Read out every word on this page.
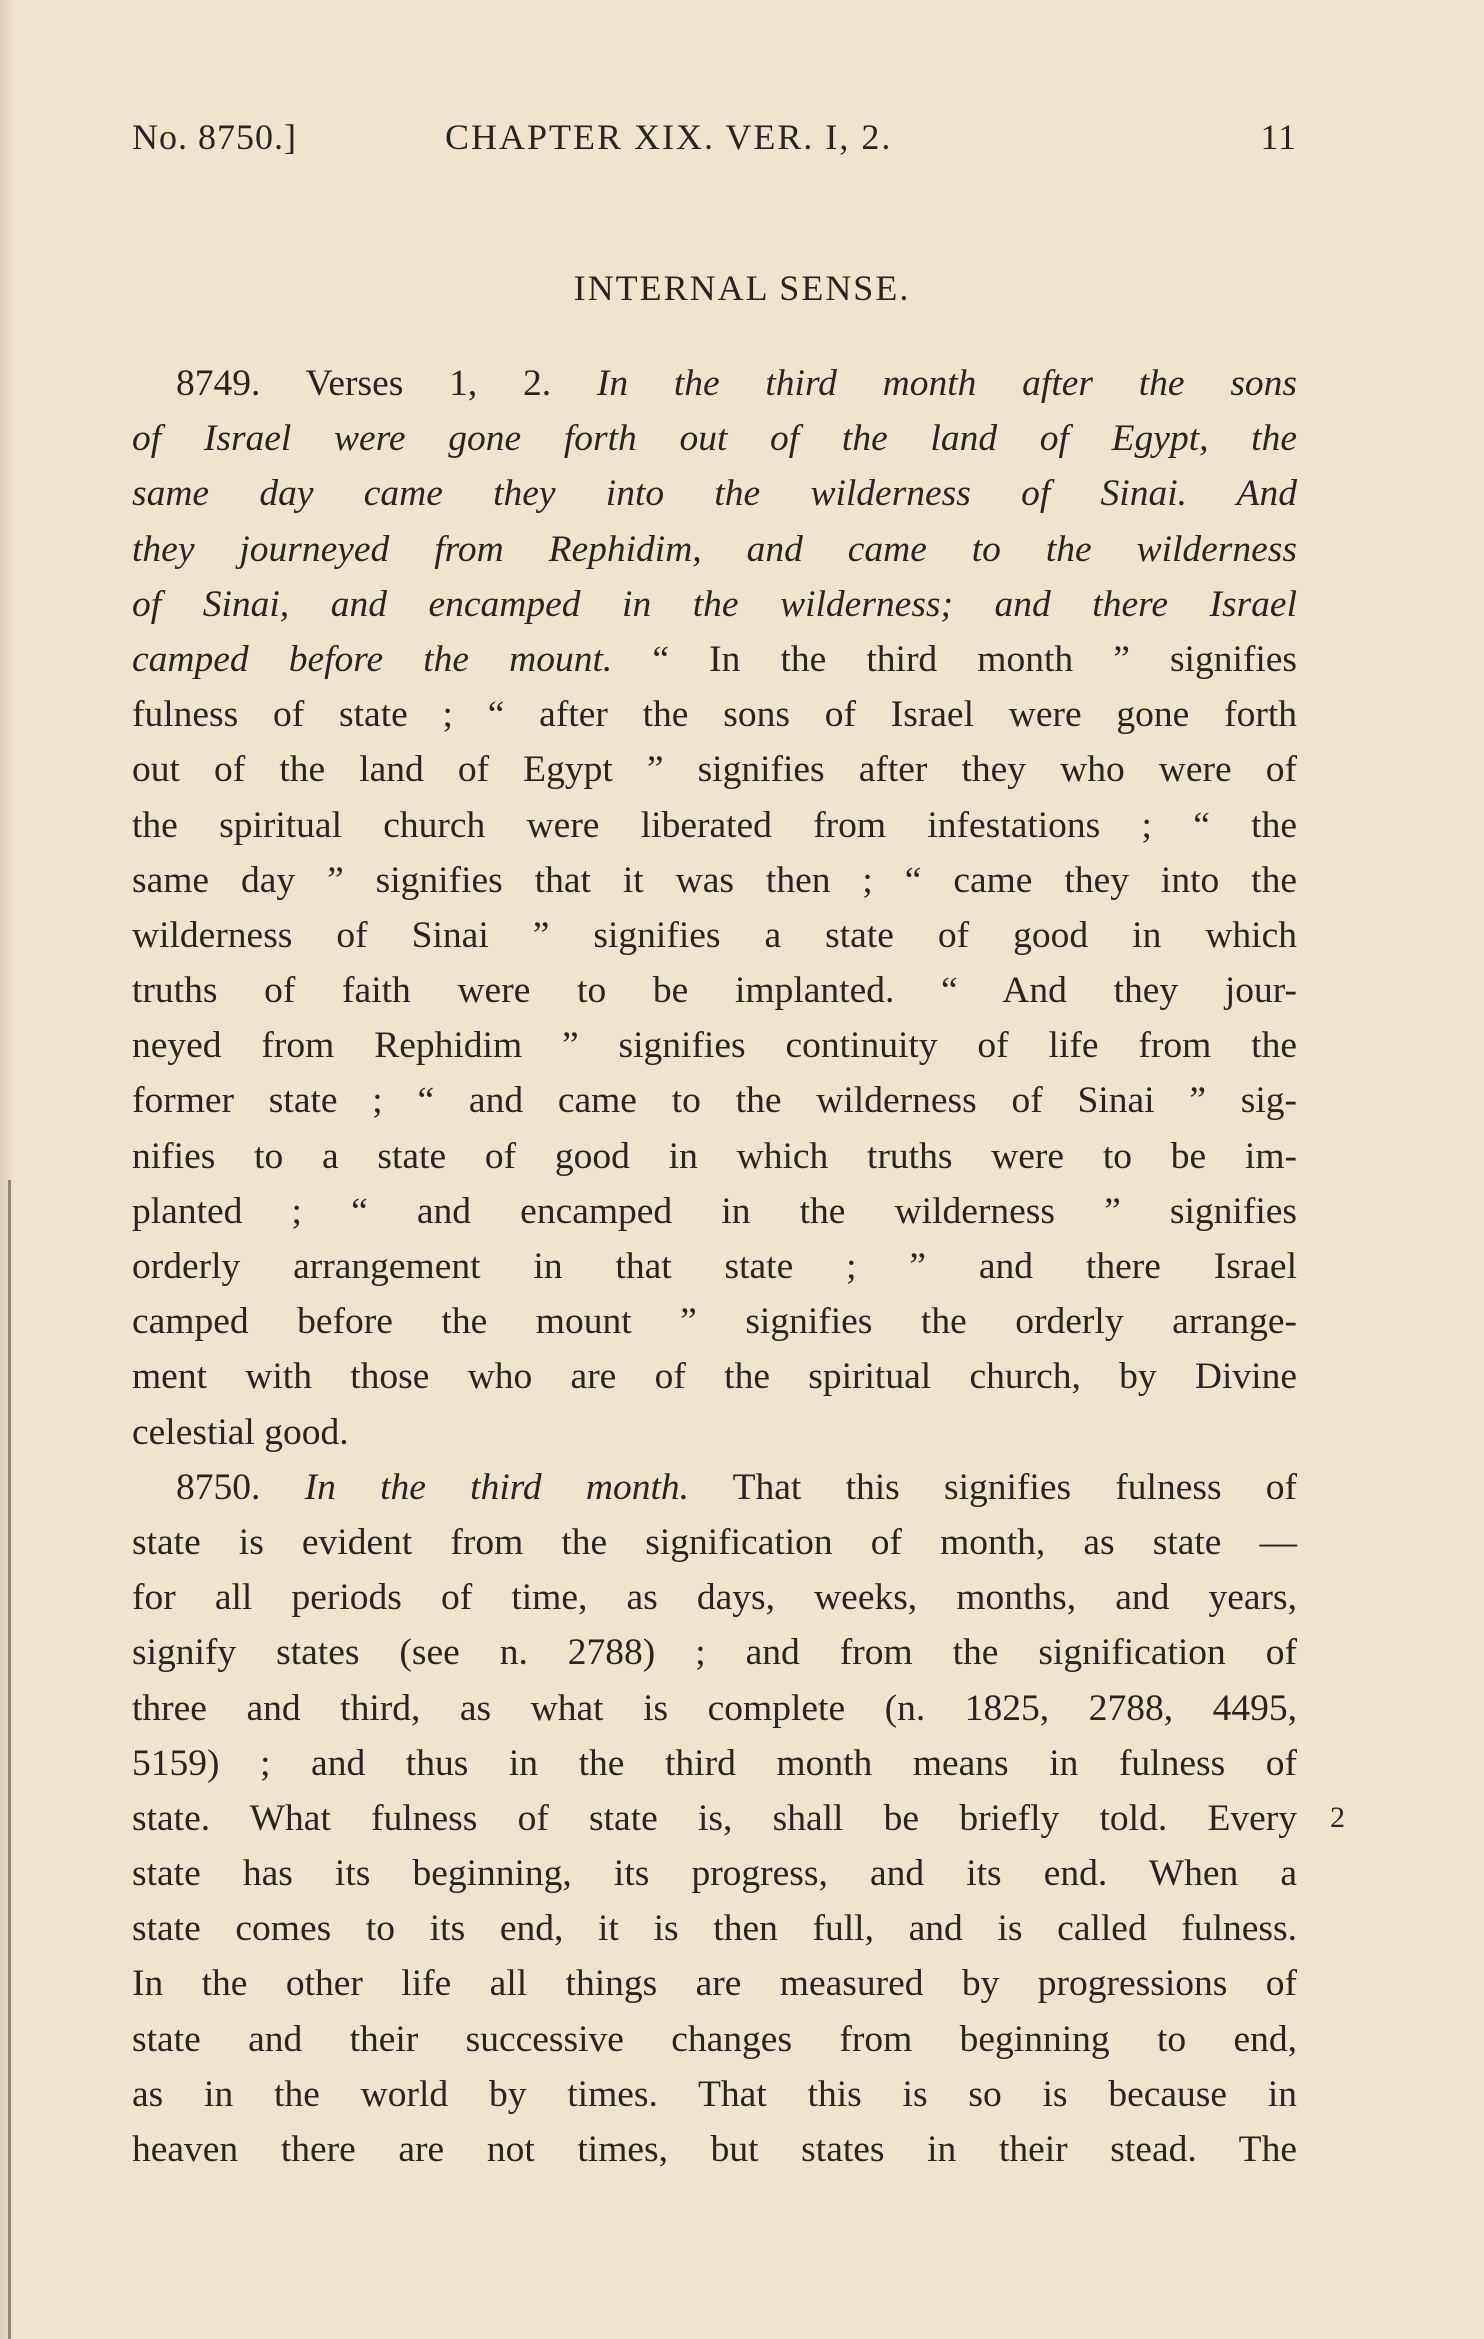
No. 8750.]	CHAPTER XIX. VER. I, 2.	11
INTERNAL SENSE.
8749. Verses 1, 2. In the third month after the sons
of Israel were gone forth out of the land of Egypt, the
same day came they into the wilderness of Sinai. And
they journeyed from Rephidim, and came to the wilderness
of Sinai, and encamped in the wilderness; and there Israel
camped before the mount. “ In the third month ” signifies
fulness of state ; “ after the sons of Israel were gone forth
out of the land of Egypt ” signifies after they who were of
the spiritual church were liberated from infestations ; “ the
same day ” signifies that it was then ; “ came they into the
wilderness of Sinai ” signifies a state of good in which
truths of faith were to be implanted. “ And they jour-
neyed from Rephidim ” signifies continuity of life from the
former state ; “ and came to the wilderness of Sinai ” sig-
nifies to a state of good in which truths were to be im-
planted ; “ and encamped in the wilderness ” signifies
orderly arrangement in that state ; ” and there Israel
camped before the mount ” signifies the orderly arrange-
ment with those who are of the spiritual church, by Divine
celestial good.
8750. In the third month. That this signifies fulness of
state is evident from the signification of month, as state —
for all periods of time, as days, weeks, months, and years,
signify states (see n. 2788) ; and from the signification of
three and third, as what is complete (n. 1825, 2788, 4495,
5159) ; and thus in the third month means in fulness of
state. What fulness of state is, shall be briefly told. Every
state has its beginning, its progress, and its end. When a
state comes to its end, it is then full, and is called fulness.
In the other life all things are measured by progressions of
state and their successive changes from beginning to end,
as in the world by times. That this is so is because in
heaven there are not times, but states in their stead. The
2
